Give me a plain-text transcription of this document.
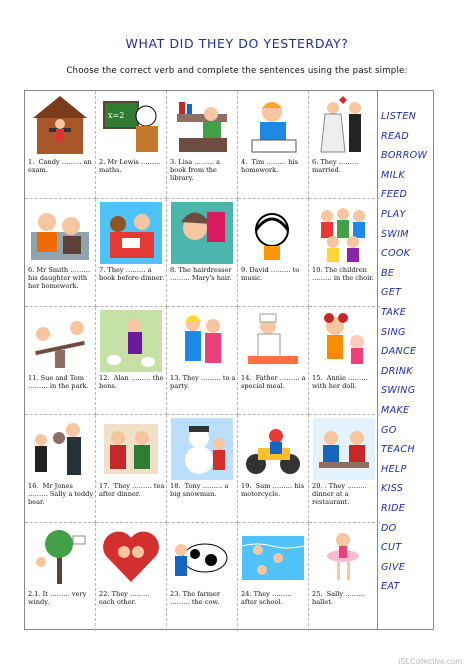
WHAT DID THEY DO YESTERDAY?
Choose the correct verb and complete the sentences using the past simple:
1.  Candy ……… an exam.
x=2
2. Mr Lewis ……… maths.
3. Lisa ……… a book from the library.
4.  Tim ……… his homework.
6. They ……… married.
6. Mr Smith ……… his daughter with her homework.
7. They ……… a book before dinner.
8. The hairdresser ……… Mary's hair.
9. David ……… to music.
10. The children ……… in the choir.
11. Sue and Tom ……… in the park.
12.  Alan ……… the hens.
13. They ……… to a party.
14.  Father ……… a special meal.
15.  Annie ……… with her doll.
16.  Mr Jones ……… Sally a teddy bear.
17.  They ……… tea after dinner.
18.  Tony ……… a big snowman.
19.  Sam ……… his motorcycle.
20. . They ……… dinner at a restaurant.
2.1. It ……… very windy.
22. They ……… each other.
23. The farmer ……… the cow.
24. They ……… after school.
25.  Sally ……… ballet.
LISTEN
READ
BORROW
MILK
FEED
PLAY
SWIM
COOK
BE
GET
TAKE
SING
DANCE
DRINK
SWING
MAKE
GO
TEACH
HELP
KISS
RIDE
DO
CUT
GIVE
EAT
iSLCollective.com
